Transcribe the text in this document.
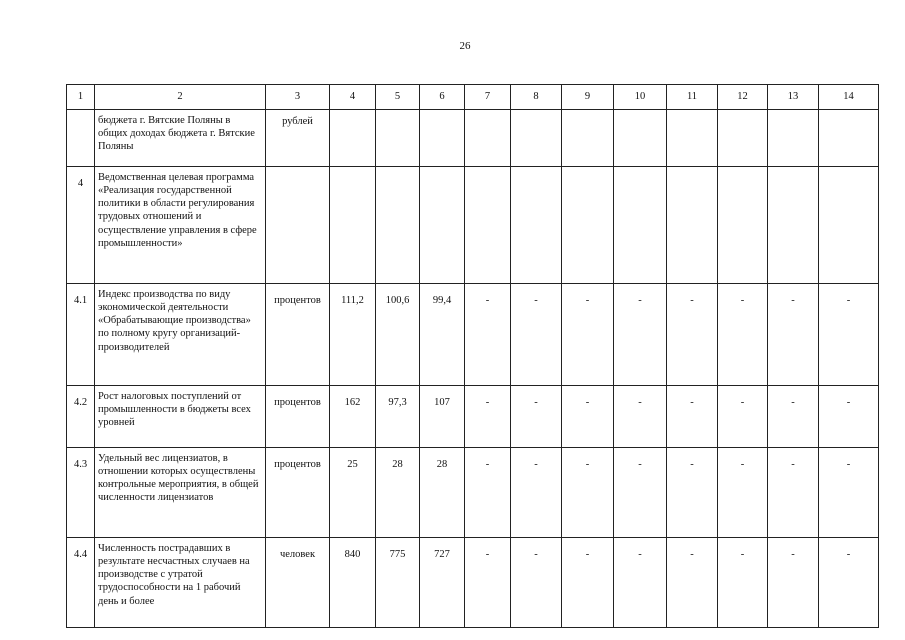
26
1	2	3	4	5	6	7	8	9	10	11	12	13	14
	бюджета г. Вятские Поляны в общих доходах бюджета г. Вятские Поляны	рублей											
4	Ведомственная целевая программа «Реализация государственной политики в области регулирования трудовых отношений и осуществление управления в сфере промышленности»												
4.1	Индекс производства по виду экономической деятельности «Обрабатывающие производства» по полному кругу организаций-производителей	процентов	111,2	100,6	99,4	-	-	-	-	-	-	-	-
4.2	Рост налоговых поступлений от промышленности в бюджеты всех уровней	процентов	162	97,3	107	-	-	-	-	-	-	-	-
4.3	Удельный вес лицензиатов, в отношении которых осуществлены контрольные мероприятия, в общей численности лицензиатов	процентов	25	28	28	-	-	-	-	-	-	-	-
4.4	Численность пострадавших в результате несчастных случаев на производстве с утратой трудоспособности на 1 рабочий день и более	человек	840	775	727	-	-	-	-	-	-	-	-
